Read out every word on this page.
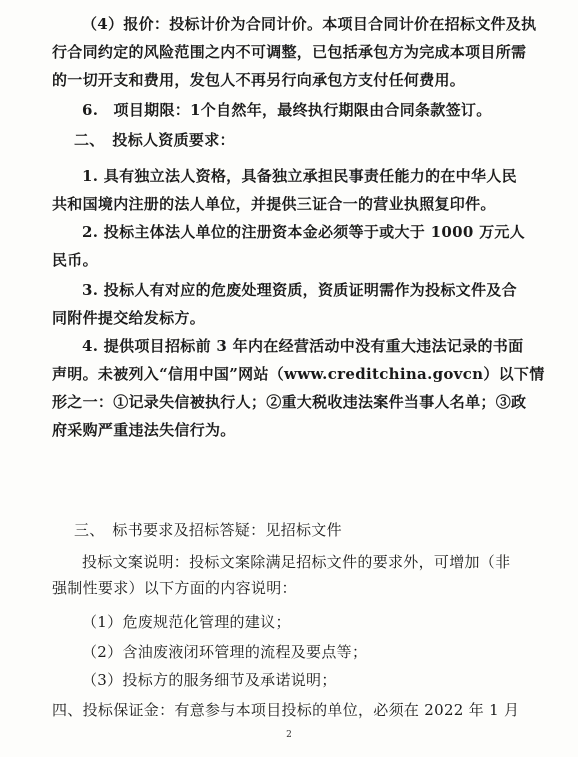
（4）报价：投标计价为合同计价。本项目合同计价在招标文件及执
行合同约定的风险范围之内不可调整，已包括承包方为完成本项目所需
的一切开支和费用，发包人不再另行向承包方支付任何费用。
6.　项目期限：1个自然年，最终执行期限由合同条款签订。
二、　投标人资质要求：
1. 具有独立法人资格，具备独立承担民事责任能力的在中华人民
共和国境内注册的法人单位，并提供三证合一的营业执照复印件。
2. 投标主体法人单位的注册资本金必须等于或大于 1000 万元人
民币。
3. 投标人有对应的危废处理资质，资质证明需作为投标文件及合
同附件提交给发标方。
4. 提供项目招标前 3 年内在经营活动中没有重大违法记录的书面
声明。未被列入“信用中国”网站（www.creditchina.govcn）以下情
形之一：①记录失信被执行人；②重大税收违法案件当事人名单；③政
府采购严重违法失信行为。
三、　标书要求及招标答疑：见招标文件
投标文案说明：投标文案除满足招标文件的要求外，可增加（非
强制性要求）以下方面的内容说明：
（1）危废规范化管理的建议；
（2）含油废液闭环管理的流程及要点等；
（3）投标方的服务细节及承诺说明；
四、投标保证金：有意参与本项目投标的单位，必须在 2022 年 1 月
2
